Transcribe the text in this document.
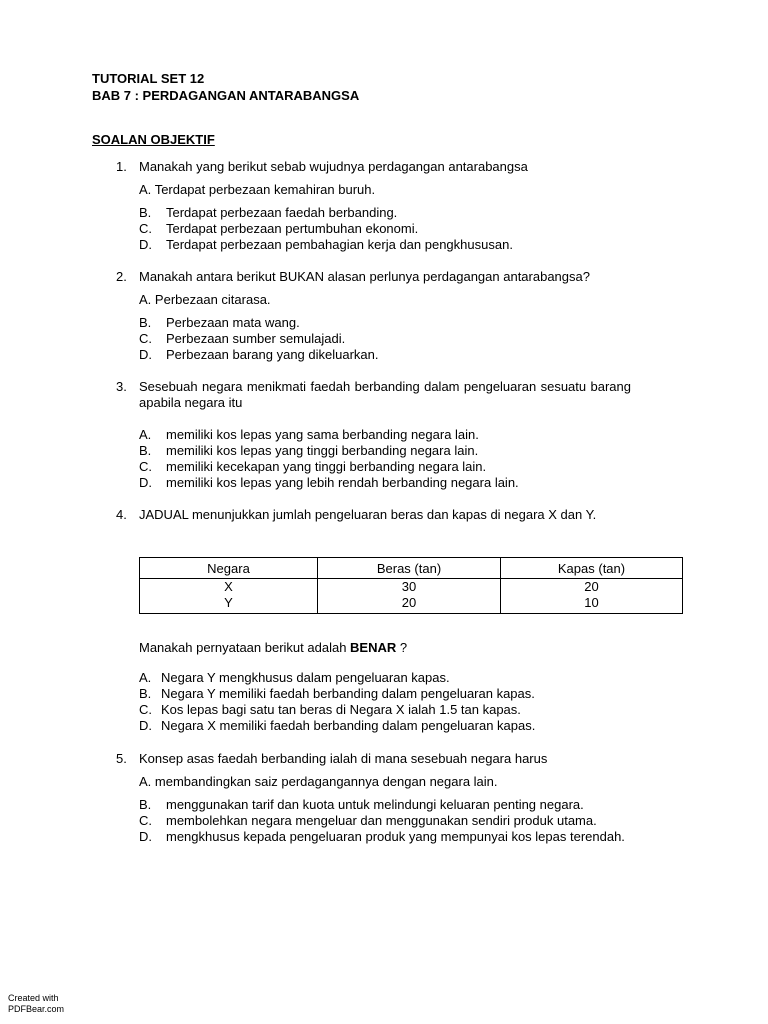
TUTORIAL SET 12
BAB 7 : PERDAGANGAN ANTARABANGSA
SOALAN OBJEKTIF
1. Manakah yang berikut sebab wujudnya perdagangan antarabangsa
A. Terdapat perbezaan kemahiran buruh.
B. Terdapat perbezaan faedah berbanding.
C. Terdapat perbezaan pertumbuhan ekonomi.
D. Terdapat perbezaan pembahagian kerja dan pengkhususan.
2. Manakah antara berikut BUKAN alasan perlunya perdagangan antarabangsa?
A. Perbezaan citarasa.
B. Perbezaan mata wang.
C. Perbezaan sumber semulajadi.
D. Perbezaan barang yang dikeluarkan.
3. Sesebuah negara menikmati faedah berbanding dalam pengeluaran sesuatu barang apabila negara itu
A. memiliki kos lepas yang sama berbanding negara lain.
B. memiliki kos lepas yang tinggi berbanding negara lain.
C. memiliki kecekapan yang tinggi berbanding negara lain.
D. memiliki kos lepas yang lebih rendah berbanding negara lain.
4. JADUAL menunjukkan jumlah pengeluaran beras dan kapas di negara X dan Y.
Negara	Beras (tan)	Kapas (tan)
X	30	20
Y	20	10
Manakah pernyataan berikut adalah BENAR ?
A. Negara Y mengkhusus dalam pengeluaran kapas.
B. Negara Y memiliki faedah berbanding dalam pengeluaran kapas.
C. Kos lepas bagi satu tan beras di Negara X ialah 1.5 tan kapas.
D. Negara X memiliki faedah berbanding dalam pengeluaran kapas.
5. Konsep asas faedah berbanding ialah di mana sesebuah negara harus
A. membandingkan saiz perdagangannya dengan negara lain.
B. menggunakan tarif dan kuota untuk melindungi keluaran penting negara.
C. membolehkan negara mengeluar dan menggunakan sendiri produk utama.
D. mengkhusus kepada pengeluaran produk yang mempunyai kos lepas terendah.
Created with
PDFBear.com
